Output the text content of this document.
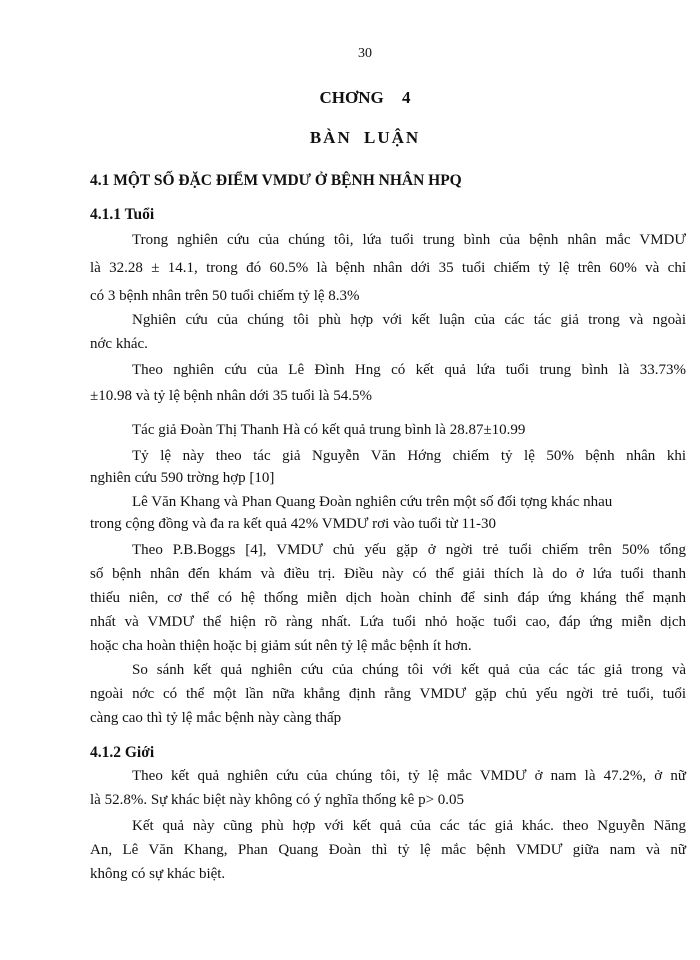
30
CHƠNG 4
BÀN LUẬN
4.1 MỘT SỐ ĐẶC ĐIỂM VMDƯ Ở BỆNH NHÂN HPQ
4.1.1 Tuổi
Trong nghiên cứu của chúng tôi, lứa tuổi trung bình của bệnh nhân mắc VMDƯ
là 32.28 ± 14.1, trong đó 60.5% là bệnh nhân dới 35 tuổi chiếm tỷ lệ trên 60% và chỉ
có 3 bệnh nhân trên 50 tuổi chiếm tỷ lệ 8.3%
Nghiên cứu của chúng tôi phù hợp với kết luận của các tác giả trong và ngoài
nớc khác.
Theo nghiên cứu của Lê Đình Hng có kết quả lứa tuổi trung bình là 33.73%
±10.98 và tỷ lệ bệnh nhân dới 35 tuổi là 54.5%
Tác giả Đoàn Thị Thanh Hà có kết quả trung bình là 28.87±10.99
Tỷ lệ này theo tác giả Nguyễn Văn Hớng chiếm tỷ lệ 50% bệnh nhân khi
nghiên cứu 590 trờng hợp [10]
Lê Văn Khang và Phan Quang Đoàn nghiên cứu trên một số đối tợng khác nhau
trong cộng đồng và đa ra kết quả 42% VMDƯ rơi vào tuổi từ 11-30
Theo P.B.Boggs [4], VMDƯ chủ yếu gặp ở ngời trẻ tuổi chiếm trên 50% tổng
số bệnh nhân đến khám và điều trị. Điều này có thể giải thích là do ở lứa tuổi thanh
thiếu niên, cơ thể có hệ thống miễn dịch hoàn chỉnh để sinh đáp ứng kháng thể mạnh
nhất và VMDƯ thể hiện rõ ràng nhất. Lứa tuổi nhỏ hoặc tuổi cao, đáp ứng miễn dịch
hoặc cha hoàn thiện hoặc bị giảm sút nên tỷ lệ mắc bệnh ít hơn.
So sánh kết quả nghiên cứu của chúng tôi với kết quả của các tác giả trong và
ngoài nớc có thể một lần nữa khẳng định rằng VMDƯ gặp chủ yếu ngời trẻ tuổi, tuổi
càng cao thì tỷ lệ mắc bệnh này càng thấp
4.1.2 Giới
Theo kết quả nghiên cứu của chúng tôi, tỷ lệ mắc VMDƯ ở nam là 47.2%, ở nữ
là 52.8%. Sự khác biệt này không có ý nghĩa thống kê p> 0.05
Kết quả này cũng phù hợp với kết quả của các tác giả khác. theo Nguyễn Năng
An, Lê Văn Khang, Phan Quang Đoàn thì tỷ lệ mắc bệnh VMDƯ giữa nam và nữ
không có sự khác biệt.
